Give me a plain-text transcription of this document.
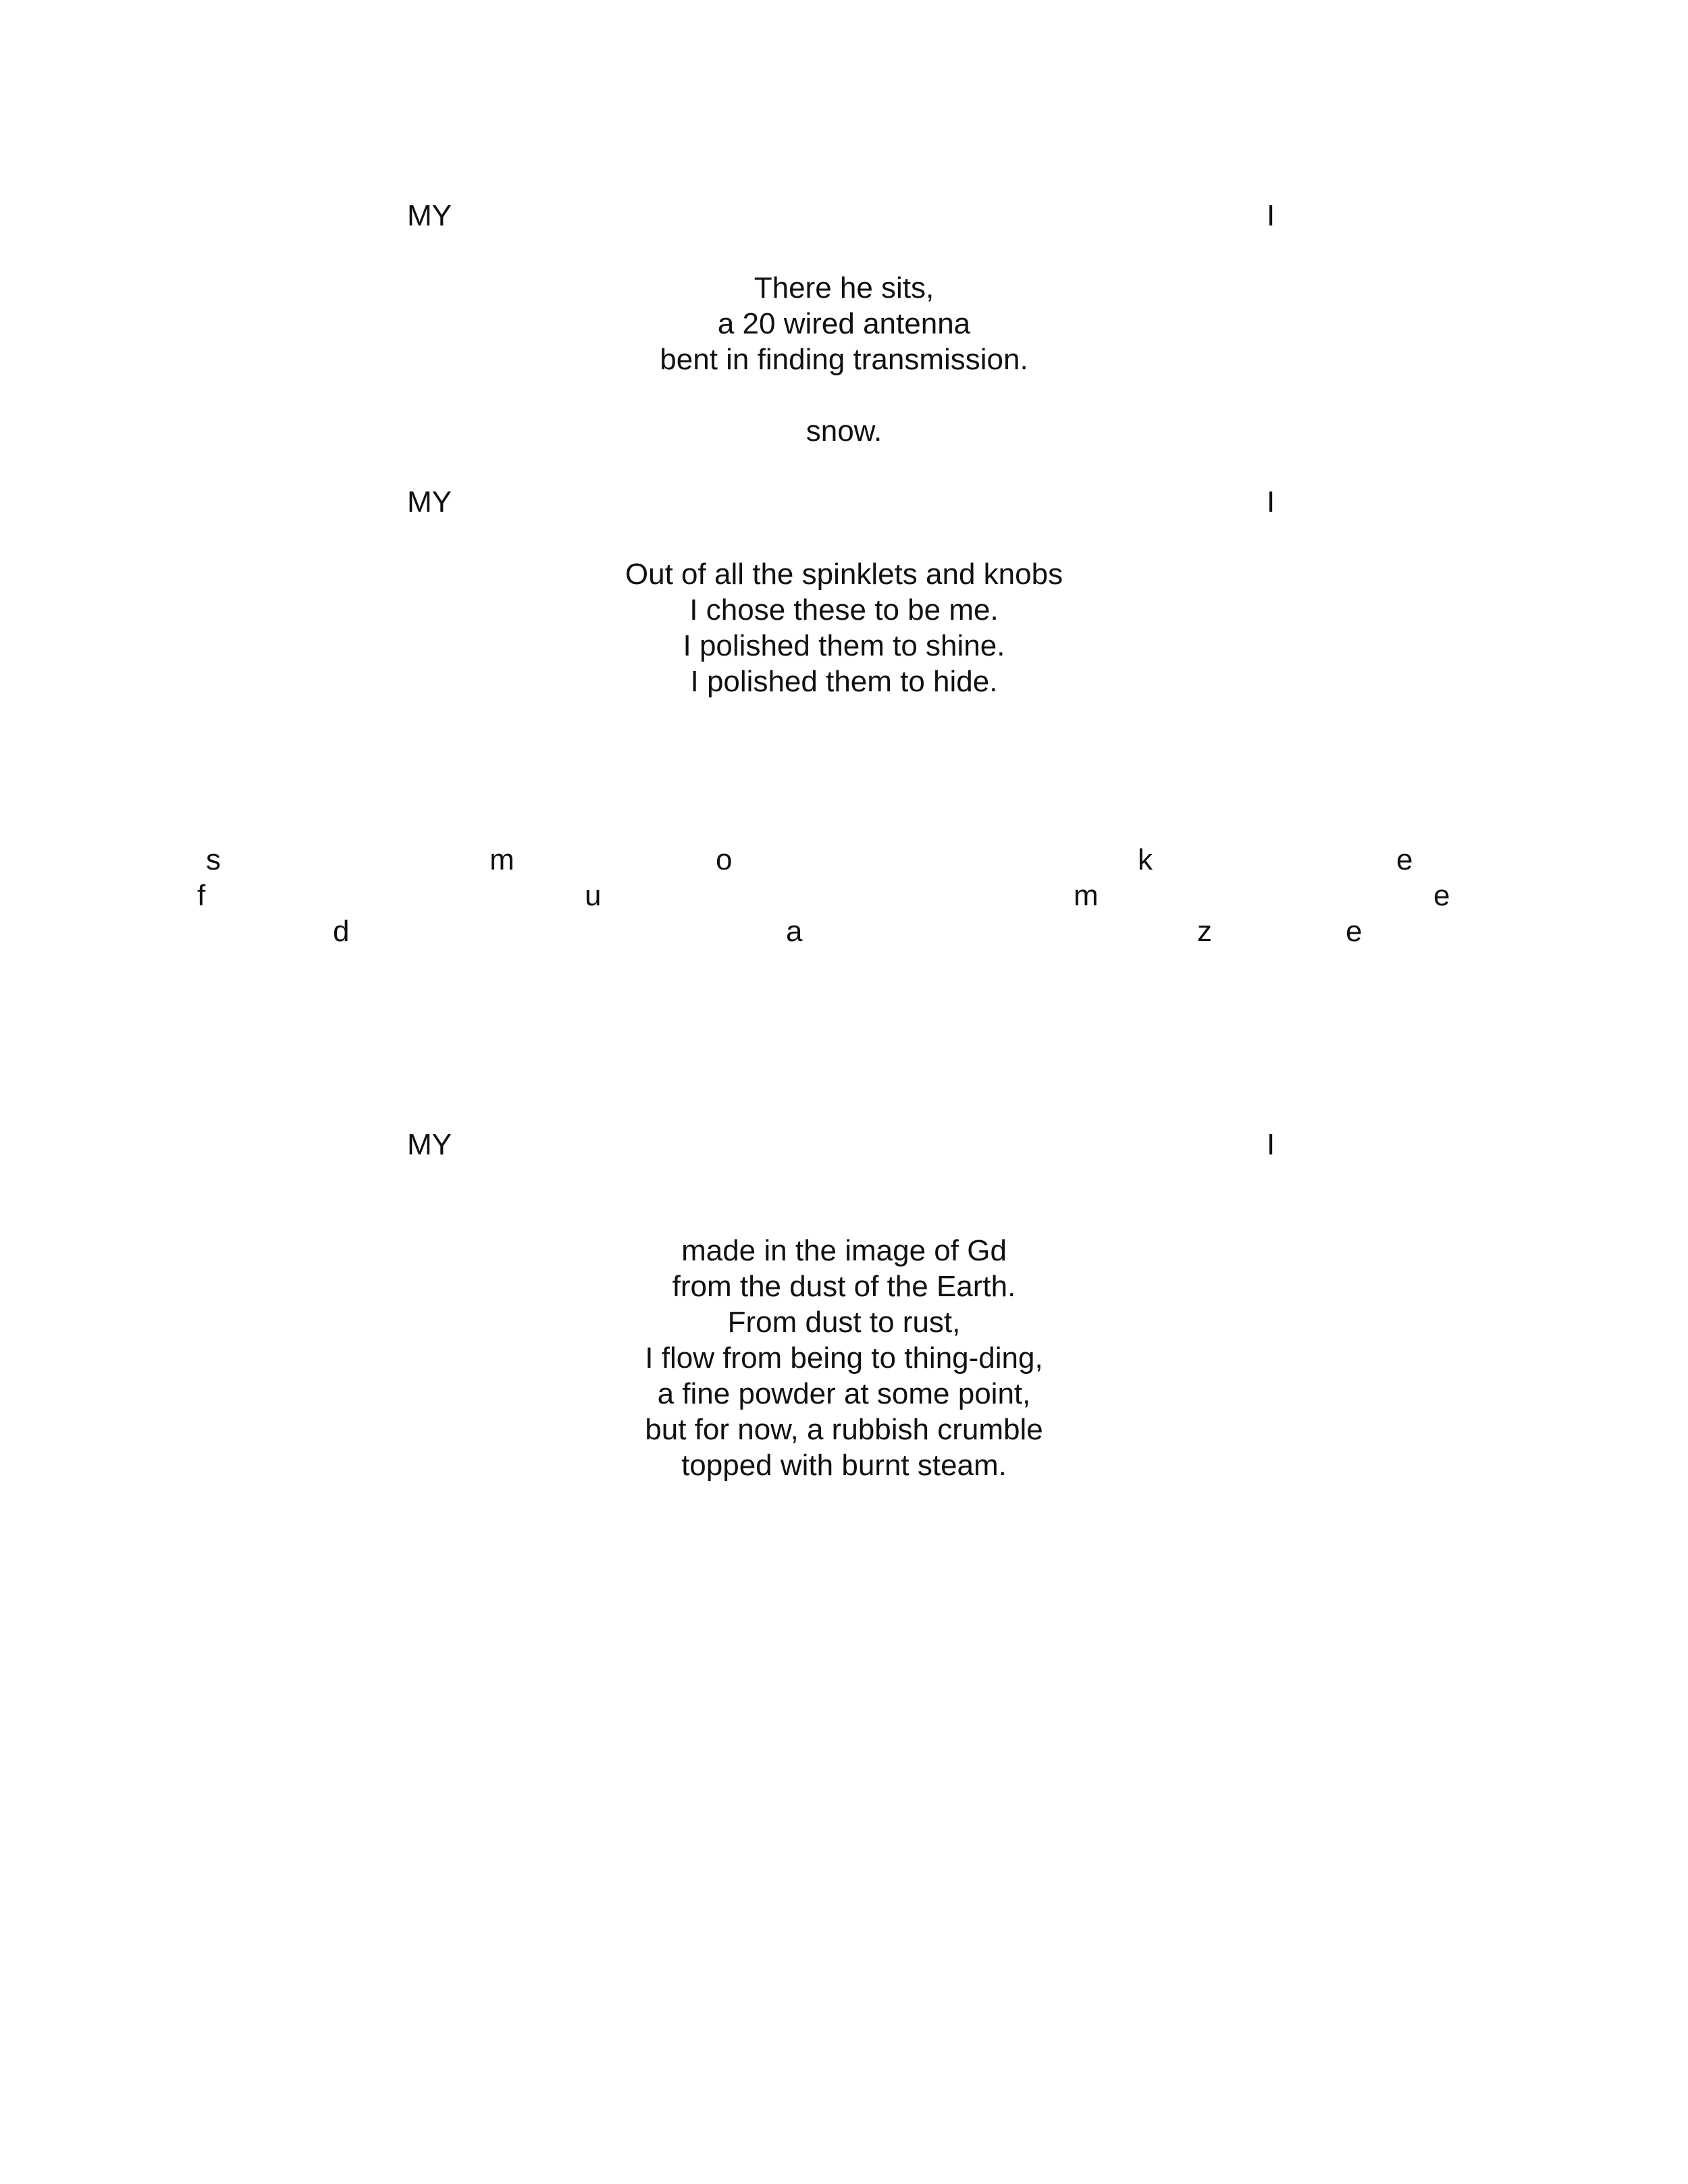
MY	I
There he sits,
a 20 wired antenna
bent in finding transmission.

snow.
MY	I
Out of all the spinklets and knobs
I chose these to be me.
I polished them to shine.
I polished them to hide.
s	m	o	k	e
f	u	m	e
d	a	z	e
MY	I
made in the image of Gd
from the dust of the Earth.
From dust to rust,
I flow from being to thing-ding,
a fine powder at some point,
but for now, a rubbish crumble
topped with burnt steam.
